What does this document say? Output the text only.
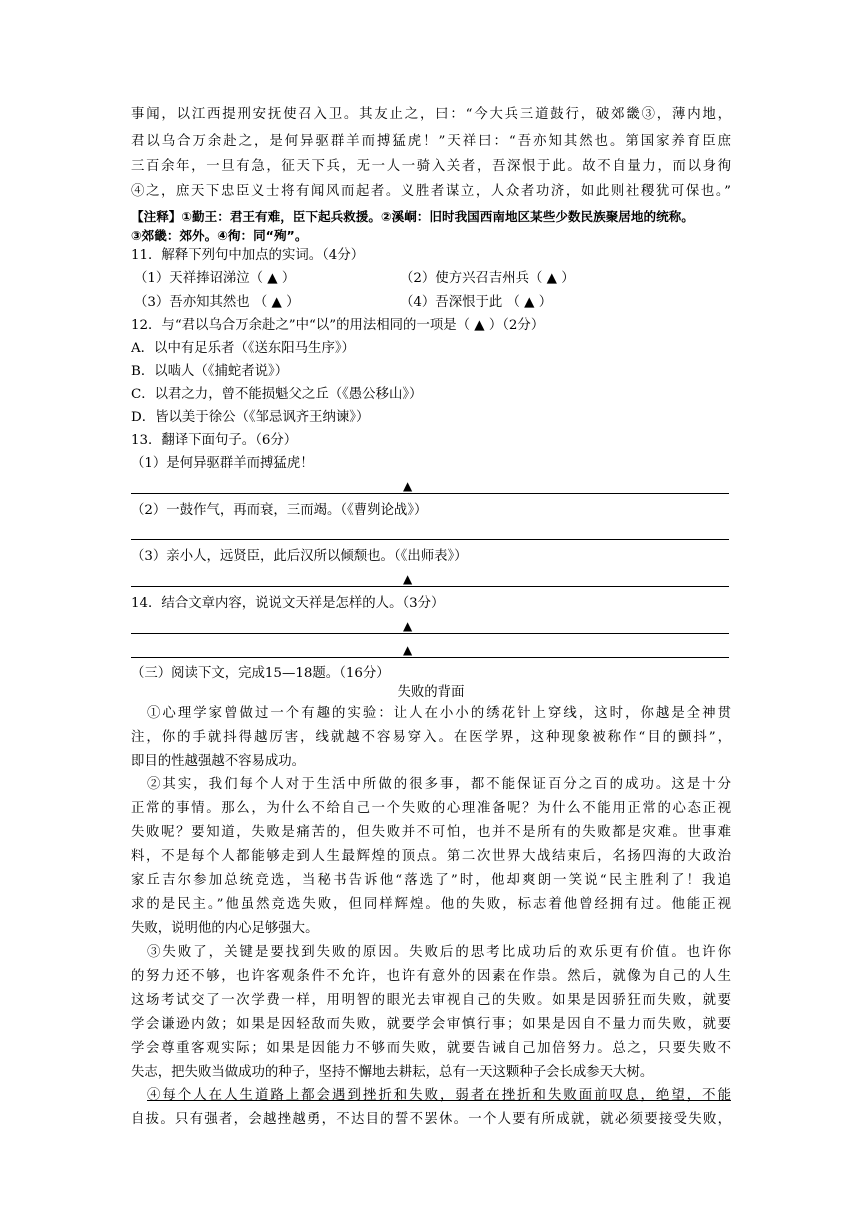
事闻，以江西提刑安抚使召入卫。其友止之，曰：“今大兵三道鼓行，破郊畿③，薄内地，
君以乌合万余赴之，是何异驱群羊而搏猛虎！”天祥曰：“吾亦知其然也。第国家养育臣庶
三百余年，一旦有急，征天下兵，无一人一骑入关者，吾深恨于此。故不自量力，而以身徇
④之，庶天下忠臣义士将有闻风而起者。义胜者谋立，人众者功济，如此则社稷犹可保也。”
【注释】①勤王：君王有难，臣下起兵救援。②溪峒：旧时我国西南地区某些少数民族聚居地的统称。
③郊畿：郊外。④徇：同“殉”。
11．解释下列句中加点的实词。（4分）
（1）天祥捧诏涕泣（ ▲ ）	（2）使方兴召吉州兵（ ▲ ）
（3）吾亦知其然也 （ ▲ ）	（4）吾深恨于此 （ ▲ ）
12．与“君以乌合万余赴之”中“以”的用法相同的一项是（ ▲ ）（2分）
A．以中有足乐者（《送东阳马生序》）
B．以啮人（《捕蛇者说》）
C．以君之力，曾不能损魁父之丘（《愚公移山》）
D．皆以美于徐公（《邹忌讽齐王纳谏》）
13．翻译下面句子。（6分）
（1）是何异驱群羊而搏猛虎！
▲
（2）一鼓作气，再而衰，三而竭。（《曹刿论战》）
（3）亲小人，远贤臣，此后汉所以倾颓也。（《出师表》）
▲
14．结合文章内容，说说文天祥是怎样的人。（3分）
▲
▲
（三）阅读下文，完成15—18题。（16分）
失败的背面
①心理学家曾做过一个有趣的实验：让人在小小的绣花针上穿线，这时，你越是全神贯
注，你的手就抖得越厉害，线就越不容易穿入。在医学界，这种现象被称作“目的颤抖”，
即目的性越强越不容易成功。
②其实，我们每个人对于生活中所做的很多事，都不能保证百分之百的成功。这是十分
正常的事情。那么，为什么不给自己一个失败的心理准备呢？为什么不能用正常的心态正视
失败呢？要知道，失败是痛苦的，但失败并不可怕，也并不是所有的失败都是灾难。世事难
料，不是每个人都能够走到人生最辉煌的顶点。第二次世界大战结束后，名扬四海的大政治
家丘吉尔参加总统竞选，当秘书告诉他“落选了”时，他却爽朗一笑说“民主胜利了！我追
求的是民主。”他虽然竞选失败，但同样辉煌。他的失败，标志着他曾经拥有过。他能正视
失败，说明他的内心足够强大。
③失败了，关键是要找到失败的原因。失败后的思考比成功后的欢乐更有价值。也许你
的努力还不够，也许客观条件不允许，也许有意外的因素在作祟。然后，就像为自己的人生
这场考试交了一次学费一样，用明智的眼光去审视自己的失败。如果是因骄狂而失败，就要
学会谦逊内敛；如果是因轻敌而失败，就要学会审慎行事；如果是因自不量力而失败，就要
学会尊重客观实际；如果是因能力不够而失败，就要告诫自己加倍努力。总之，只要失败不
失志，把失败当做成功的种子，坚持不懈地去耕耘，总有一天这颗种子会长成参天大树。
④每个人在人生道路上都会遇到挫折和失败，弱者在挫折和失败面前叹息，绝望，不能
自拔。只有强者，会越挫越勇，不达目的誓不罢休。一个人要有所成就，就必须要接受失败，
